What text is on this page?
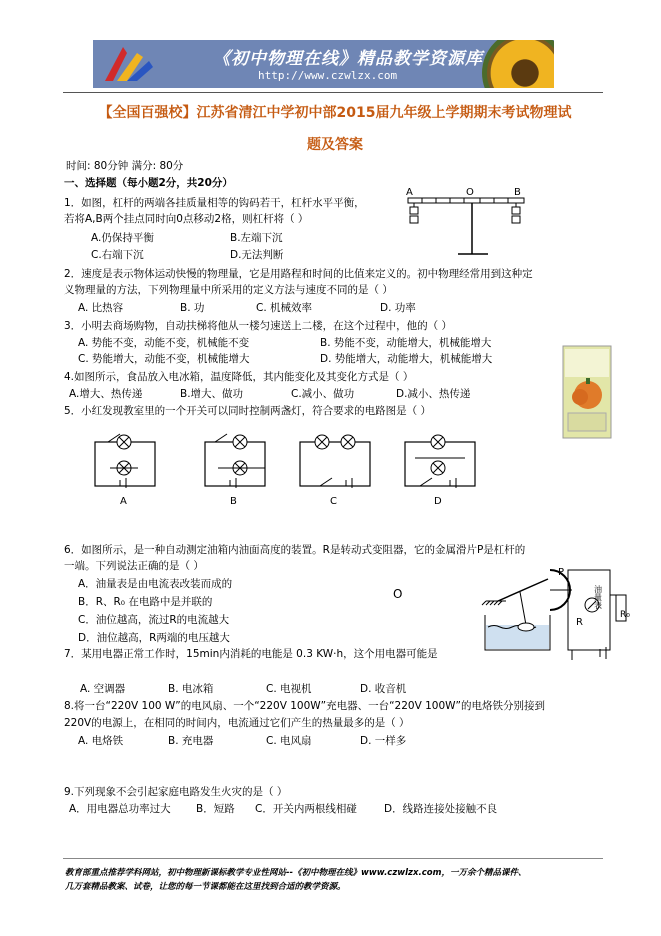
《初中物理在线》精品教学资源库
http://www.czwlzx.com
【全国百强校】江苏省清江中学初中部2015届九年级上学期期末考试物理试题及答案
时间: 80分钟 满分: 80分
一、选择题（每小题2分，共20分）
1．如图，杠杆的两端各挂质量相等的钩码若干，杠杆水平平衡，
若将A,B两个挂点同时向0点移动2格，则杠杆将（ ）
A.仍保持平衡	B.左端下沉
C.右端下沉	D.无法判断
A	O	B
2．速度是表示物体运动快慢的物理量，它是用路程和时间的比值来定义的。初中物理经常用到这种定
义物理量的方法，下列物理量中所采用的定义方法与速度不同的是（ ）
A. 比热容	B. 功	C. 机械效率	D. 功率
3．小明去商场购物，自动扶梯将他从一楼匀速送上二楼，在这个过程中，他的（ ）
A. 势能不变，动能不变，机械能不变	B. 势能不变，动能增大，机械能增大
C. 势能增大，动能不变，机械能增大	D. 势能增大，动能增大，机械能增大
4.如图所示，食品放入电冰箱，温度降低，其内能变化及其变化方式是（ ）
A.增大、热传递	B.增大、做功	C.减小、做功	D.减小、热传递
5．小红发现教室里的一个开关可以同时控制两盏灯，符合要求的电路图是（ ）
A	B	C	D
6．如图所示，是一种自动测定油箱内油面高度的装置。R是转动式变阻器，它的金属滑片P是杠杆的
一端。下列说法正确的是（ ）
A．油量表是由电流表改装而成的
B．R、R₀ 在电路中是并联的
C．油位越高，流过R的电流越大
D．油位越高，R两端的电压越大
O
P
R
R₀
油量表
7．某用电器正常工作时，15min内消耗的电能是 0.3 KW·h，这个用电器可能是
A. 空调器	B. 电冰箱	C. 电视机	D. 收音机
8.将一台“220V 100 W”的电风扇、一个“220V 100W”充电器、一台“220V 100W”的电烙铁分别接到
220V的电源上，在相同的时间内，电流通过它们产生的热量最多的是（ ）
A. 电烙铁	B. 充电器	C. 电风扇	D. 一样多
9.下列现象不会引起家庭电路发生火灾的是（ ）
A．用电器总功率过大 B．短路 C．开关内两根线相碰	D．线路连接处接触不良
教育部重点推荐学科网站，初中物理新课标教学专业性网站--《初中物理在线》www.czwlzx.com，一万余个精品课件、
几万套精品教案、试卷，让您的每一节课都能在这里找到合适的教学资源。
